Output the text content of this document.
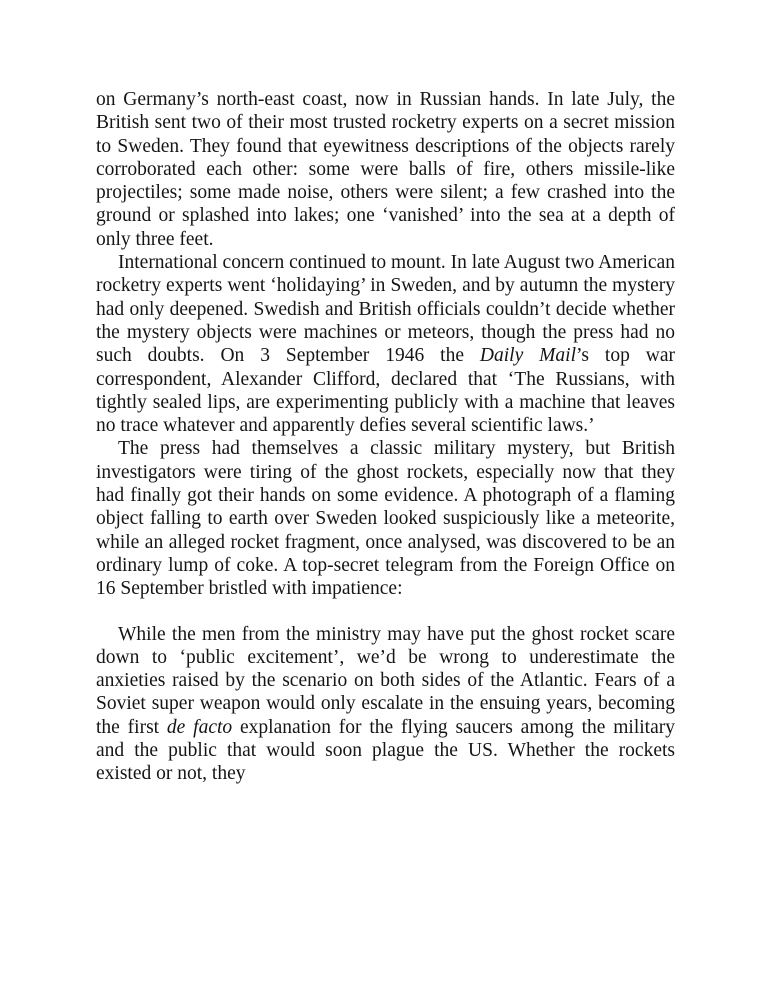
on Germany’s north-east coast, now in Russian hands. In late July, the British sent two of their most trusted rocketry experts on a secret mission to Sweden. They found that eyewitness descriptions of the objects rarely corroborated each other: some were balls of fire, others missile-like projectiles; some made noise, others were silent; a few crashed into the ground or splashed into lakes; one ‘vanished’ into the sea at a depth of only three feet.

International concern continued to mount. In late August two American rocketry experts went ‘holidaying’ in Sweden, and by autumn the mystery had only deepened. Swedish and British officials couldn’t decide whether the mystery objects were machines or meteors, though the press had no such doubts. On 3 September 1946 the Daily Mail’s top war correspondent, Alexander Clifford, declared that ‘The Russians, with tightly sealed lips, are experimenting publicly with a machine that leaves no trace whatever and apparently defies several scientific laws.’

The press had themselves a classic military mystery, but British investigators were tiring of the ghost rockets, especially now that they had finally got their hands on some evidence. A photograph of a flaming object falling to earth over Sweden looked suspiciously like a meteorite, while an alleged rocket fragment, once analysed, was discovered to be an ordinary lump of coke. A top-secret telegram from the Foreign Office on 16 September bristled with impatience:

While the men from the ministry may have put the ghost rocket scare down to ‘public excitement’, we’d be wrong to underestimate the anxieties raised by the scenario on both sides of the Atlantic. Fears of a Soviet super weapon would only escalate in the ensuing years, becoming the first de facto explanation for the flying saucers among the military and the public that would soon plague the US. Whether the rockets existed or not, they
